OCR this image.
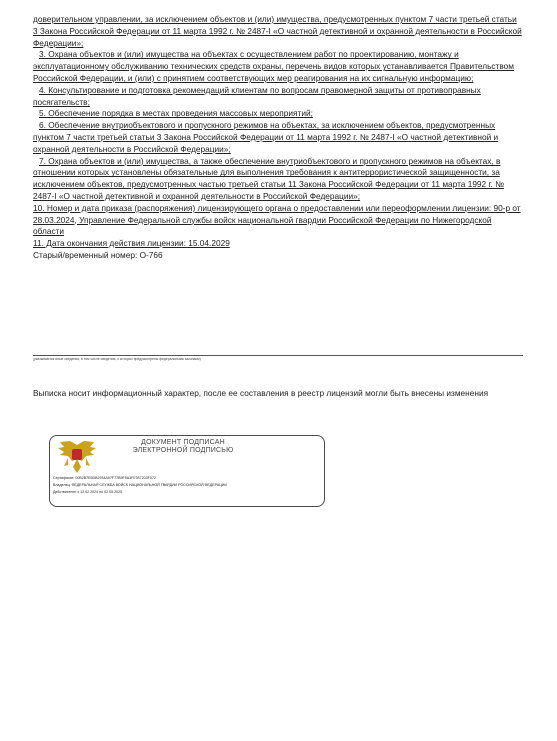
доверительном управлении, за исключением объектов и (или) имущества, предусмотренных пунктом 7 части третьей статьи 3 Закона Российской Федерации от 11 марта 1992 г. № 2487-I «О частной детективной и охранной деятельности в Российской Федерации»;

3. Охрана объектов и (или) имущества на объектах с осуществлением работ по проектированию, монтажу и эксплуатационному обслуживанию технических средств охраны, перечень видов которых устанавливается Правительством Российской Федерации, и (или) с принятием соответствующих мер реагирования на их сигнальную информацию;

4. Консультирование и подготовка рекомендаций клиентам по вопросам правомерной защиты от противоправных посягательств;

5. Обеспечение порядка в местах проведения массовых мероприятий;

6. Обеспечение внутриобъектового и пропускного режимов на объектах, за исключением объектов, предусмотренных пунктом 7 части третьей статьи 3 Закона Российской Федерации от 11 марта 1992 г. № 2487-I «О частной детективной и охранной деятельности в Российской Федерации»;

7. Охрана объектов и (или) имущества, а также обеспечение внутриобъектового и пропускного режимов на объектах, в отношении которых установлены обязательные для выполнения требования к антитеррористической защищенности, за исключением объектов, предусмотренных частью третьей статьи 11 Закона Российской Федерации от 11 марта 1992 г. № 2487-I «О частной детективной и охранной деятельности в Российской Федерации»;

10. Номер и дата приказа (распоряжения) лицензирующего органа о предоставлении или переоформлении лицензии: 90-р от 28.03.2024, Управление Федеральной службы войск национальной гвардии Российской Федерации по Нижегородской области

11. Дата окончания действия лицензии: 15.04.2029

Старый/временный номер: О-766

(указываются иные сведения, в том числе сведения, о которых предусмотрены федеральными законами)

Выписка носит информационный характер, после ее составления в реестр лицензий могли быть внесены изменения

ДОКУМЕНТ ПОДПИСАН
ЭЛЕКТРОННОЙ ПОДПИСЬЮ
Сертификат: 00B2B7E5DB2934A97F77B9F9A3F07B7203F072
Владелец: ФЕДЕРАЛЬНАЯ СЛУЖБА ВОЙСК НАЦИОНАЛЬНОЙ ГВАРДИИ РОССИЙСКОЙ ФЕДЕРАЦИИ
Действителен с 12.02.2024 по 02.05.2025
